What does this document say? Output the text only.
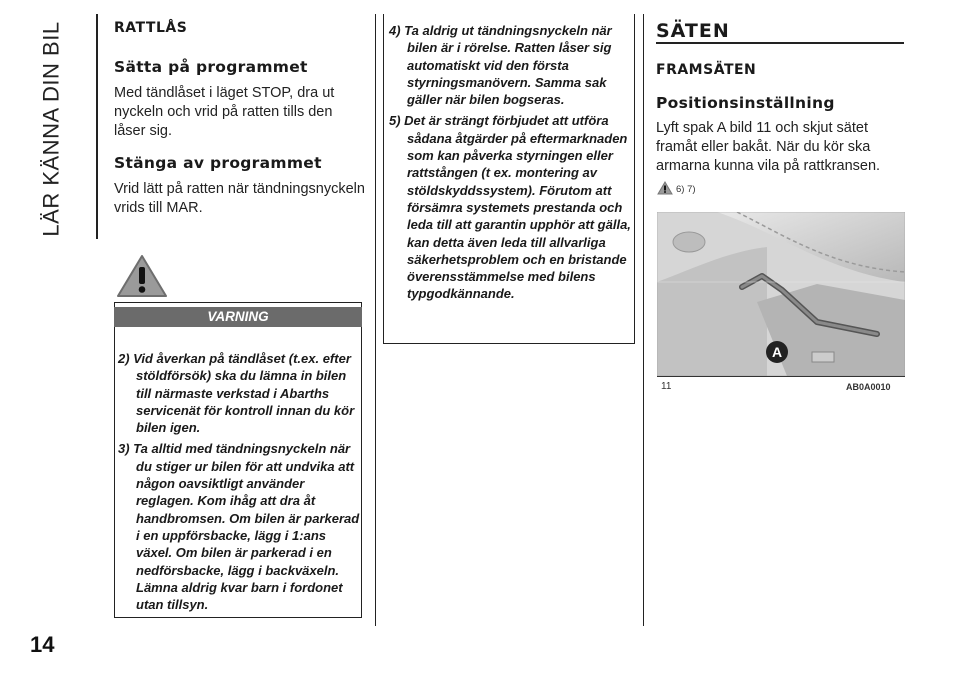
LÄR KÄNNA DIN BIL
14
RATTLÅS
Sätta på programmet
Med tändlåset i läget STOP, dra ut nyckeln och vrid på ratten tills den låser sig.
Stänga av programmet
Vrid lätt på ratten när tändningsnyckeln vrids till MAR.
VARNING
2) Vid åverkan på tändlåset (t.ex. efter stöldförsök) ska du lämna in bilen till närmaste verkstad i Abarths servicenät för kontroll innan du kör bilen igen.
3) Ta alltid med tändningsnyckeln när du stiger ur bilen för att undvika att någon oavsiktligt använder reglagen. Kom ihåg att dra åt handbromsen. Om bilen är parkerad i en uppförsbacke, lägg i 1:ans växel. Om bilen är parkerad i en nedförsbacke, lägg i backväxeln. Lämna aldrig kvar barn i fordonet utan tillsyn.
4) Ta aldrig ut tändningsnyckeln när bilen är i rörelse. Ratten låser sig automatiskt vid den första styrningsmanövern. Samma sak gäller när bilen bogseras.
5) Det är strängt förbjudet att utföra sådana åtgärder på eftermarknaden som kan påverka styrningen eller rattstången (t ex. montering av stöldskyddssystem). Förutom att försämra systemets prestanda och leda till att garantin upphör att gälla, kan detta även leda till allvarliga säkerhetsproblem och en bristande överensstämmelse med bilens typgodkännande.
SÄTEN
FRAMSÄTEN
Positionsinställning
Lyft spak A bild 11 och skjut sätet framåt eller bakåt. När du kör ska armarna kunna vila på rattkransen.
6) 7)
A
11	AB0A0010
